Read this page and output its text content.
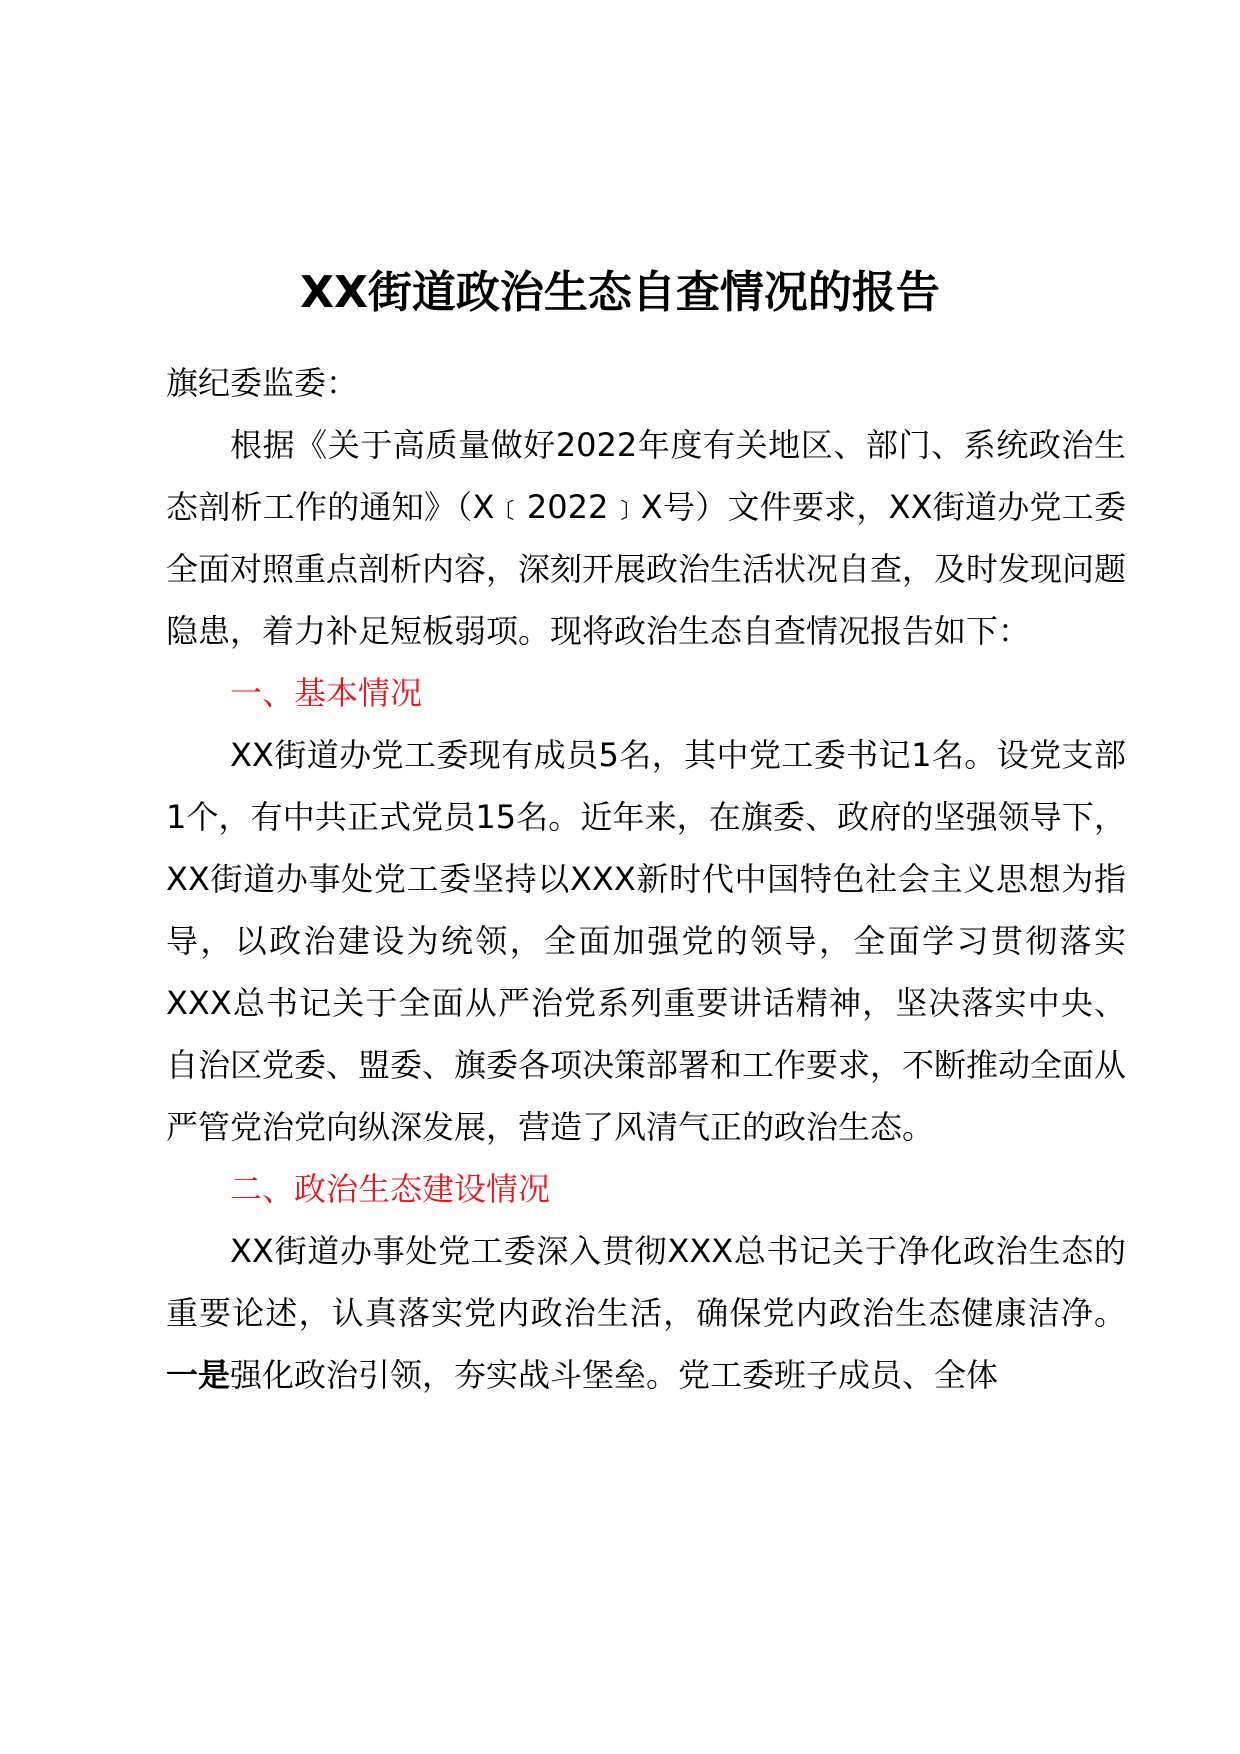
XX街道政治生态自查情况的报告

旗纪委监委：

根据《关于高质量做好2022年度有关地区、部门、系统政治生态剖析工作的通知》（X﹝2022﹞X号）文件要求，XX街道办党工委全面对照重点剖析内容，深刻开展政治生活状况自查，及时发现问题隐患，着力补足短板弱项。现将政治生态自查情况报告如下：

一、基本情况

XX街道办党工委现有成员5名，其中党工委书记1名。设党支部1个，有中共正式党员15名。近年来，在旗委、政府的坚强领导下，XX街道办事处党工委坚持以XXX新时代中国特色社会主义思想为指导，以政治建设为统领，全面加强党的领导，全面学习贯彻落实XXX总书记关于全面从严治党系列重要讲话精神，坚决落实中央、自治区党委、盟委、旗委各项决策部署和工作要求，不断推动全面从严管党治党向纵深发展，营造了风清气正的政治生态。

二、政治生态建设情况

XX街道办事处党工委深入贯彻XXX总书记关于净化政治生态的重要论述，认真落实党内政治生活，确保党内政治生态健康洁净。一是强化政治引领，夯实战斗堡垒。党工委班子成员、全体
